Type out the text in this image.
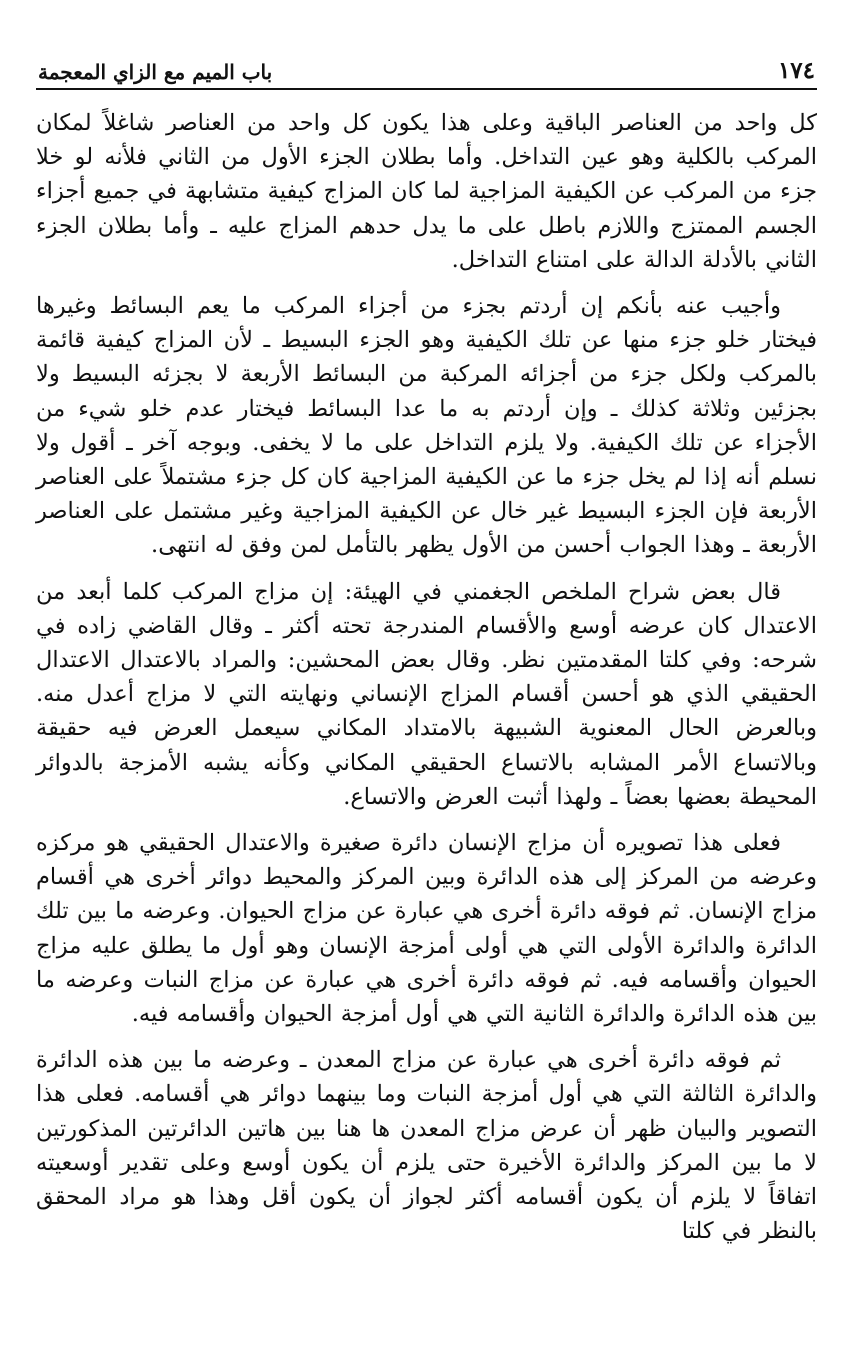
١٧٤
باب الميم مع الزاي المعجمة

كل واحد من العناصر الباقية وعلى هذا يكون كل واحد من العناصر شاغلاً لمكان المركب بالكلية وهو عين التداخل. وأما بطلان الجزء الأول من الثاني فلأنه لو خلا جزء من المركب عن الكيفية المزاجية لما كان المزاج كيفية متشابهة في جميع أجزاء الجسم الممتزج واللازم باطل على ما يدل حدهم المزاج عليه ـ وأما بطلان الجزء الثاني بالأدلة الدالة على امتناع التداخل.

وأجيب عنه بأنكم إن أردتم بجزء من أجزاء المركب ما يعم البسائط وغيرها فيختار خلو جزء منها عن تلك الكيفية وهو الجزء البسيط ـ لأن المزاج كيفية قائمة بالمركب ولكل جزء من أجزائه المركبة من البسائط الأربعة لا بجزئه البسيط ولا بجزئين وثلاثة كذلك ـ وإن أردتم به ما عدا البسائط فيختار عدم خلو شيء من الأجزاء عن تلك الكيفية. ولا يلزم التداخل على ما لا يخفى. وبوجه آخر ـ أقول ولا نسلم أنه إذا لم يخل جزء ما عن الكيفية المزاجية كان كل جزء مشتملاً على العناصر الأربعة فإن الجزء البسيط غير خال عن الكيفية المزاجية وغير مشتمل على العناصر الأربعة ـ وهذا الجواب أحسن من الأول يظهر بالتأمل لمن وفق له انتهى.

قال بعض شراح الملخص الجغمني في الهيئة: إن مزاج المركب كلما أبعد من الاعتدال كان عرضه أوسع والأقسام المندرجة تحته أكثر ـ وقال القاضي زاده في شرحه: وفي كلتا المقدمتين نظر. وقال بعض المحشين: والمراد بالاعتدال الاعتدال الحقيقي الذي هو أحسن أقسام المزاج الإنساني ونهايته التي لا مزاج أعدل منه. وبالعرض الحال المعنوية الشبيهة بالامتداد المكاني سيعمل العرض فيه حقيقة وبالاتساع الأمر المشابه بالاتساع الحقيقي المكاني وكأنه يشبه الأمزجة بالدوائر المحيطة بعضها بعضاً ـ ولهذا أثبت العرض والاتساع.

فعلى هذا تصويره أن مزاج الإنسان دائرة صغيرة والاعتدال الحقيقي هو مركزه وعرضه من المركز إلى هذه الدائرة وبين المركز والمحيط دوائر أخرى هي أقسام مزاج الإنسان. ثم فوقه دائرة أخرى هي عبارة عن مزاج الحيوان. وعرضه ما بين تلك الدائرة والدائرة الأولى التي هي أولى أمزجة الإنسان وهو أول ما يطلق عليه مزاج الحيوان وأقسامه فيه. ثم فوقه دائرة أخرى هي عبارة عن مزاج النبات وعرضه ما بين هذه الدائرة والدائرة الثانية التي هي أول أمزجة الحيوان وأقسامه فيه.

ثم فوقه دائرة أخرى هي عبارة عن مزاج المعدن ـ وعرضه ما بين هذه الدائرة والدائرة الثالثة التي هي أول أمزجة النبات وما بينهما دوائر هي أقسامه. فعلى هذا التصوير والبيان ظهر أن عرض مزاج المعدن ها هنا بين هاتين الدائرتين المذكورتين لا ما بين المركز والدائرة الأخيرة حتى يلزم أن يكون أوسع وعلى تقدير أوسعيته اتفاقاً لا يلزم أن يكون أقسامه أكثر لجواز أن يكون أقل وهذا هو مراد المحقق بالنظر في كلتا
